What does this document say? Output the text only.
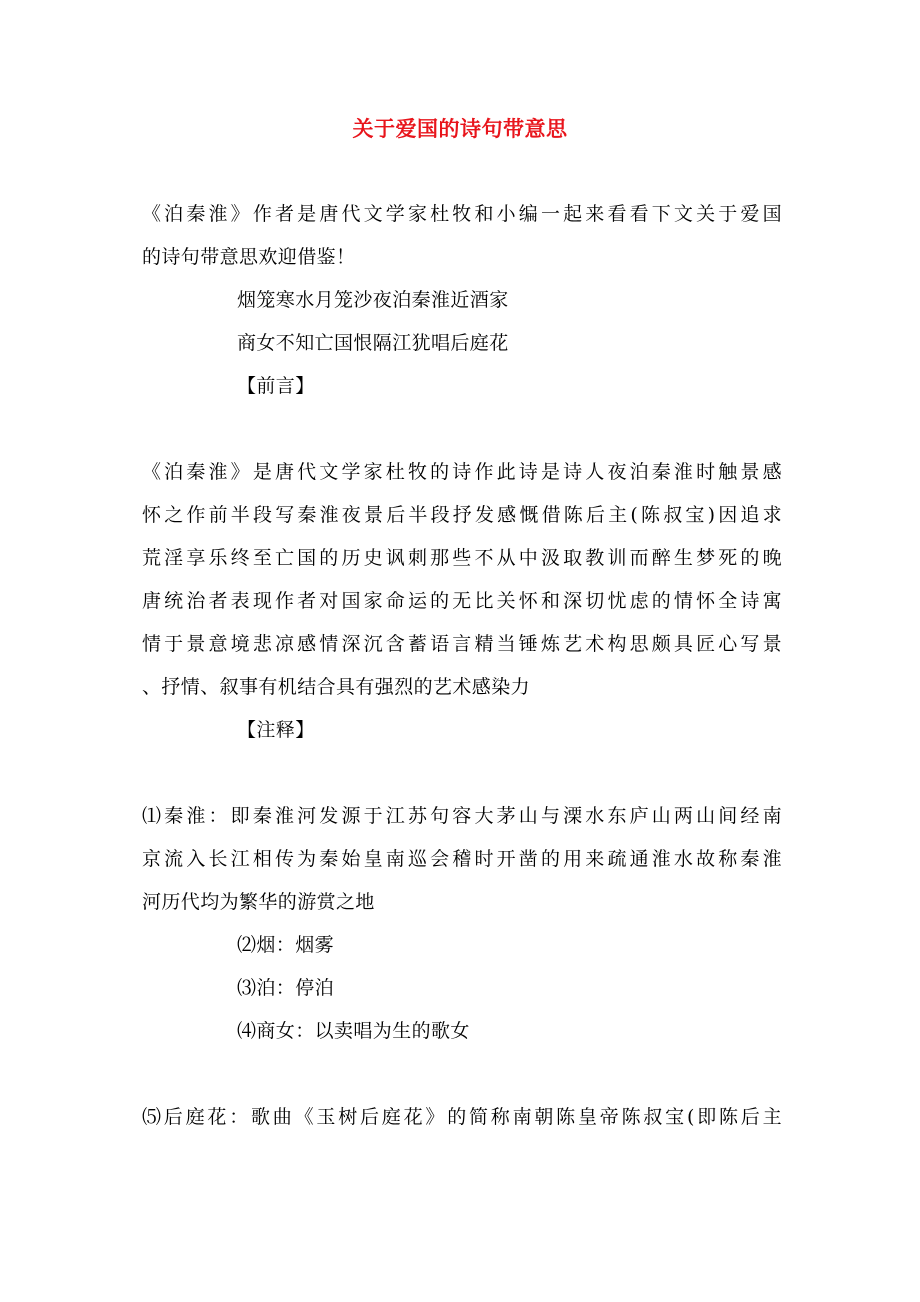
关于爱国的诗句带意思
《泊秦淮》作者是唐代文学家杜牧和小编一起来看看下文关于爱国
的诗句带意思欢迎借鉴！
烟笼寒水月笼沙夜泊秦淮近酒家
商女不知亡国恨隔江犹唱后庭花
【前言】
《泊秦淮》是唐代文学家杜牧的诗作此诗是诗人夜泊秦淮时触景感
怀之作前半段写秦淮夜景后半段抒发感慨借陈后主(陈叔宝)因追求
荒淫享乐终至亡国的历史讽刺那些不从中汲取教训而醉生梦死的晚
唐统治者表现作者对国家命运的无比关怀和深切忧虑的情怀全诗寓
情于景意境悲凉感情深沉含蓄语言精当锤炼艺术构思颇具匠心写景
、抒情、叙事有机结合具有强烈的艺术感染力
【注释】
⑴秦淮：即秦淮河发源于江苏句容大茅山与溧水东庐山两山间经南
京流入长江相传为秦始皇南巡会稽时开凿的用来疏通淮水故称秦淮
河历代均为繁华的游赏之地
⑵烟：烟雾
⑶泊：停泊
⑷商女：以卖唱为生的歌女
⑸后庭花：歌曲《玉树后庭花》的简称南朝陈皇帝陈叔宝(即陈后主
